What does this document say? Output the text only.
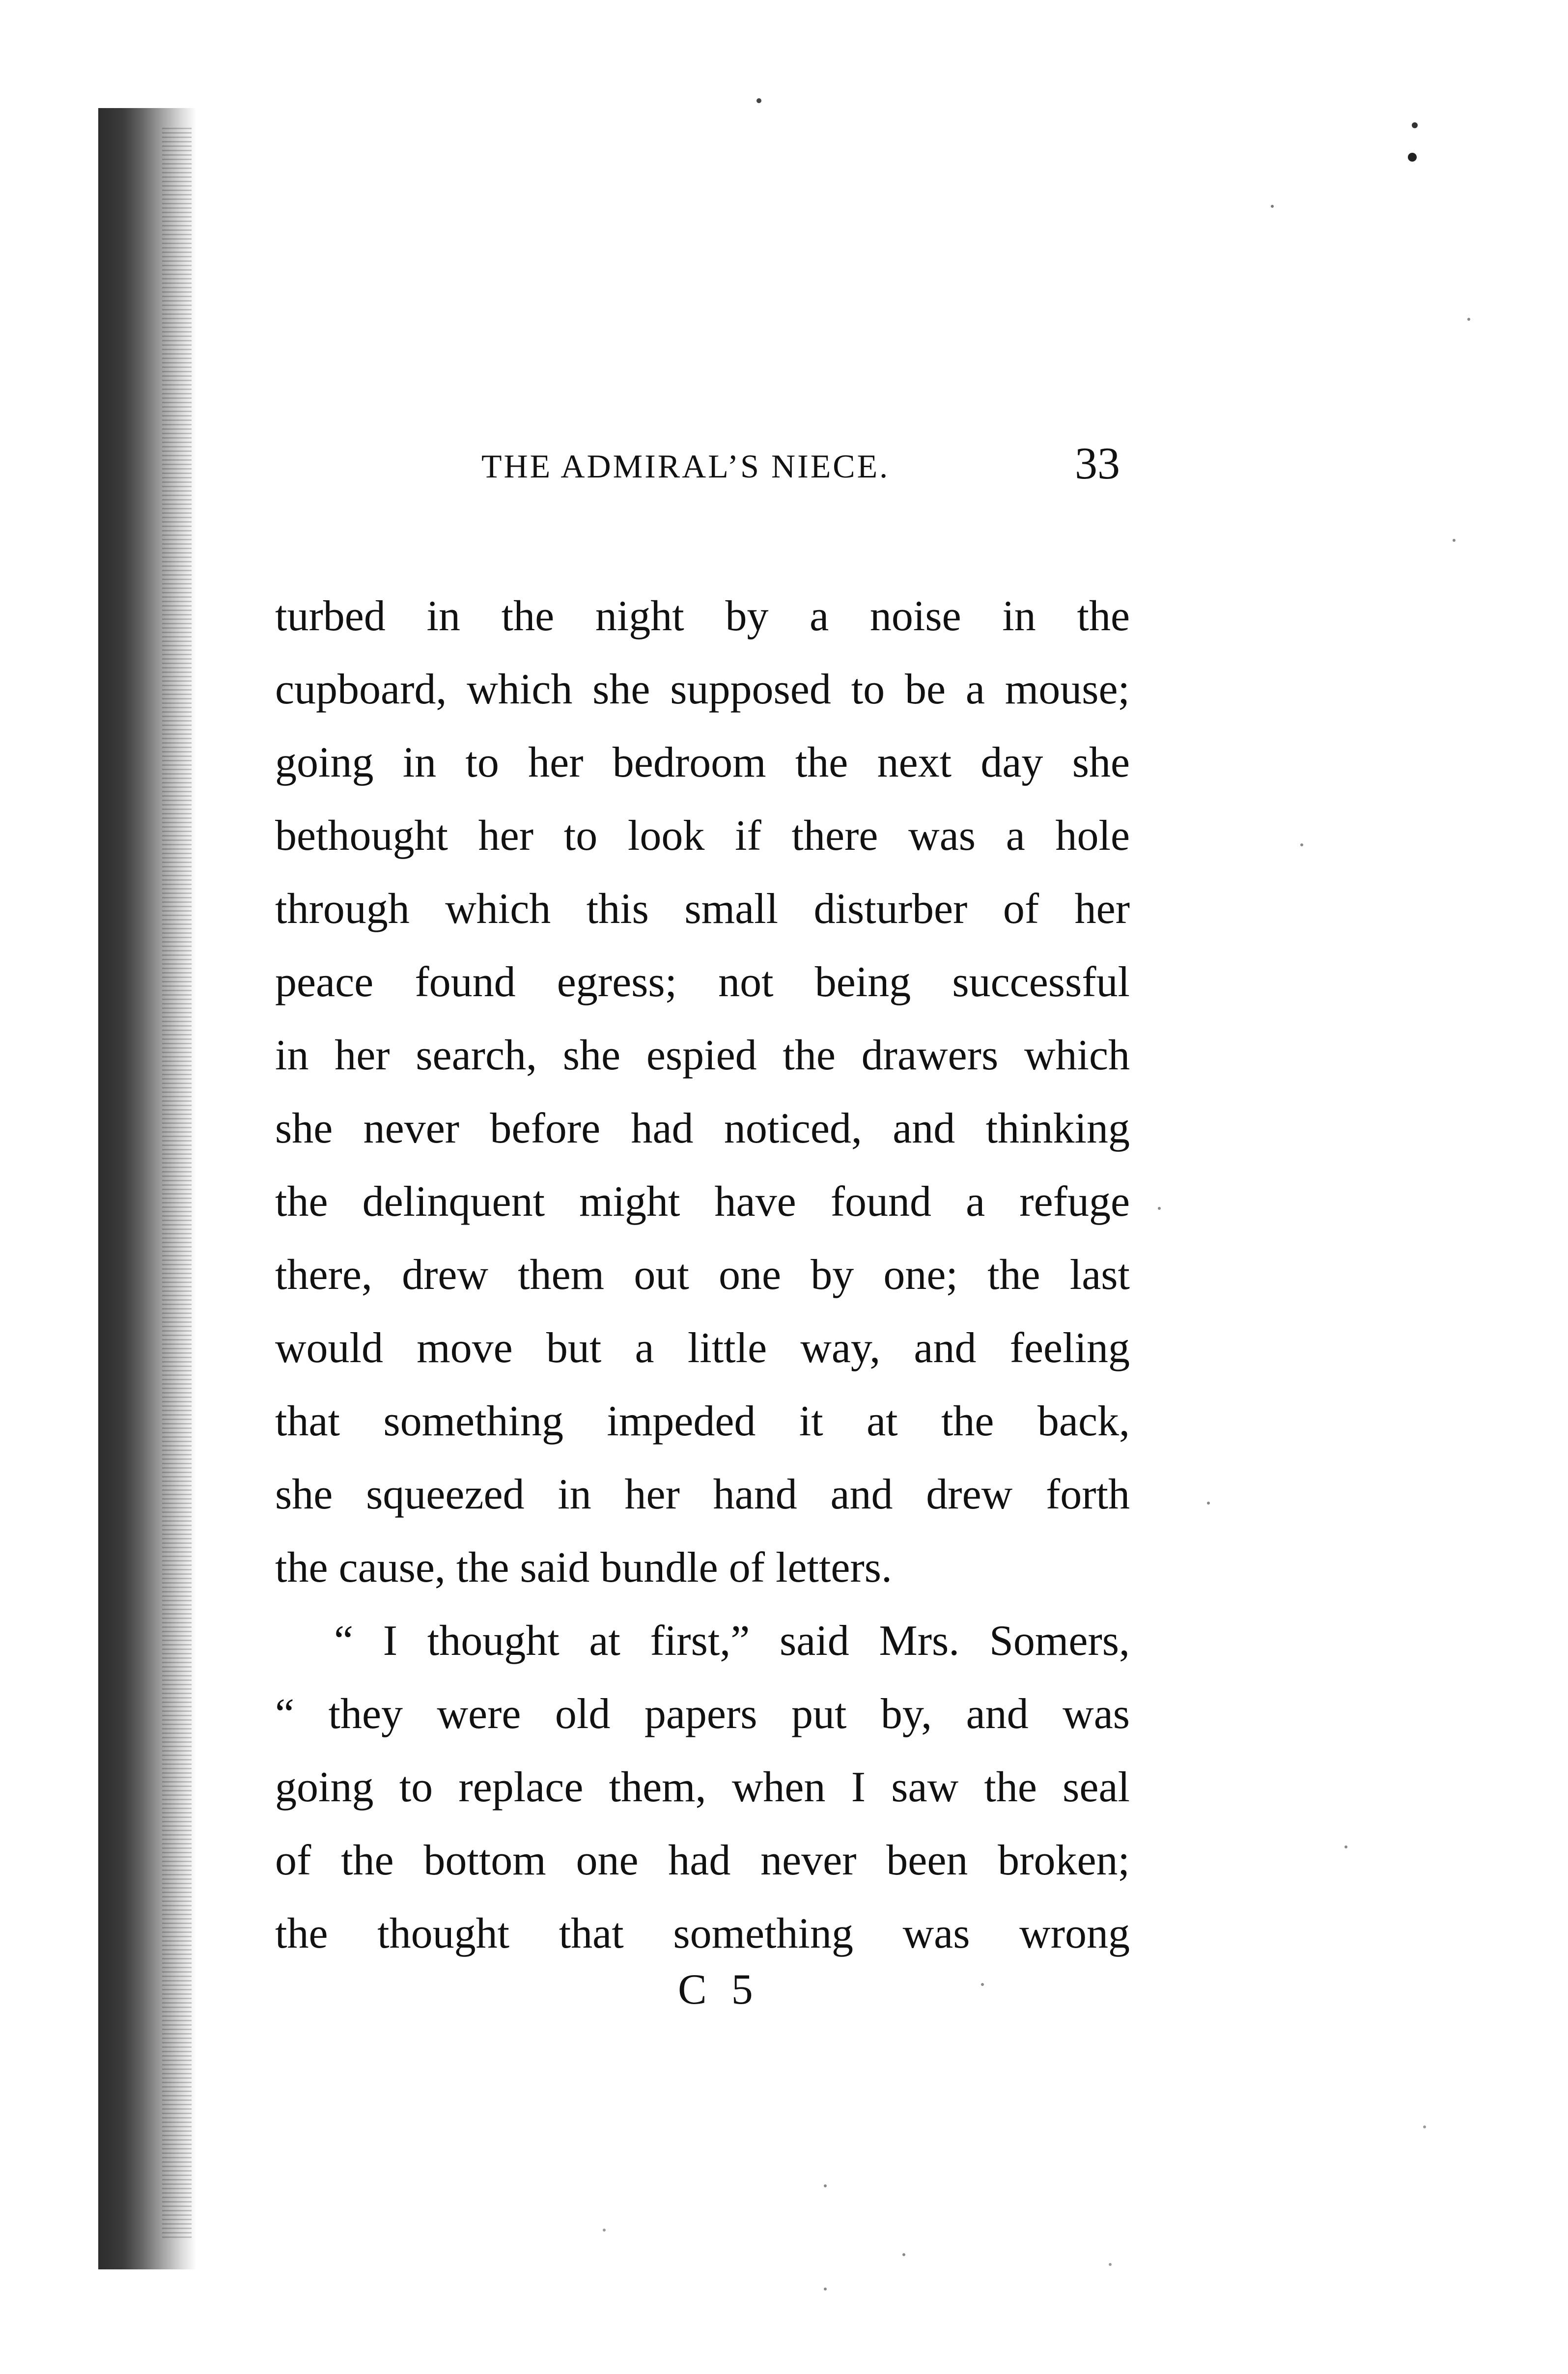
THE ADMIRAL’S NIECE.	33
turbed in the night by a noise in the
cupboard, which she supposed to be a mouse;
going in to her bedroom the next day she
bethought her to look if there was a hole
through which this small disturber of her
peace found egress; not being successful
in her search, she espied the drawers which
she never before had noticed, and thinking
the delinquent might have found a refuge
there, drew them out one by one; the last
would move but a little way, and feeling
that something impeded it at the back,
she squeezed in her hand and drew forth
the cause, the said bundle of letters.
“ I thought at first,” said Mrs. Somers,
“ they were old papers put by, and was
going to replace them, when I saw the seal
of the bottom one had never been broken;
the thought that something was wrong
C 5
